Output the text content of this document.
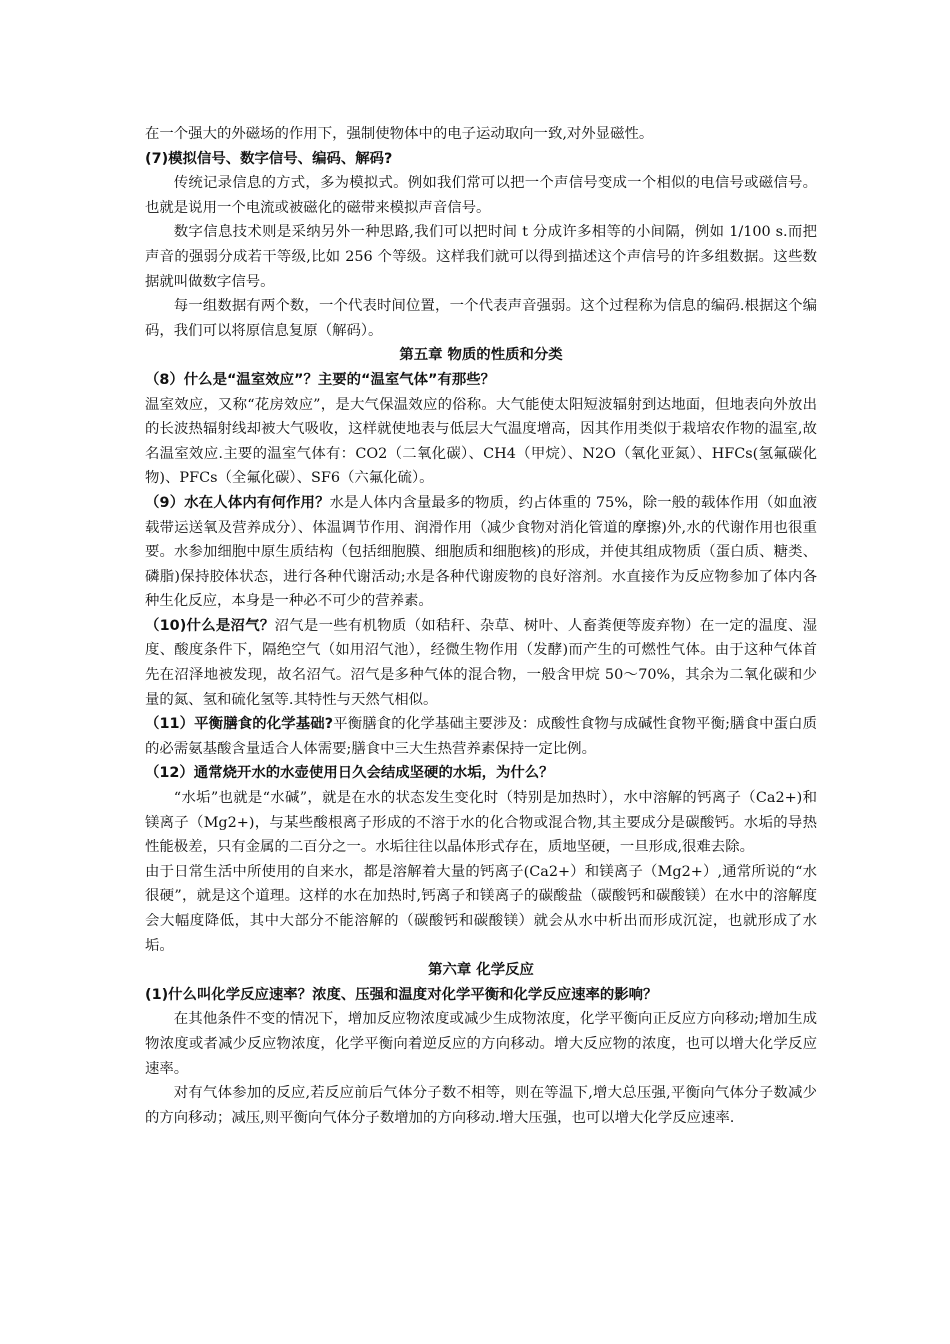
在一个强大的外磁场的作用下，强制使物体中的电子运动取向一致,对外显磁性。

(7)模拟信号、数字信号、编码、解码?

传统记录信息的方式，多为模拟式。例如我们常可以把一个声信号变成一个相似的电信号或磁信号。也就是说用一个电流或被磁化的磁带来模拟声音信号。

数字信息技术则是采纳另外一种思路,我们可以把时间 t 分成许多相等的小间隔，例如 1/100 s.而把声音的强弱分成若干等级,比如 256 个等级。这样我们就可以得到描述这个声信号的许多组数据。这些数据就叫做数字信号。

每一组数据有两个数，一个代表时间位置，一个代表声音强弱。这个过程称为信息的编码.根据这个编码，我们可以将原信息复原（解码）。

第五章 物质的性质和分类

（8）什么是“温室效应”？主要的“温室气体”有那些？

温室效应，又称“花房效应”，是大气保温效应的俗称。大气能使太阳短波辐射到达地面，但地表向外放出的长波热辐射线却被大气吸收，这样就使地表与低层大气温度增高，因其作用类似于栽培农作物的温室,故名温室效应.主要的温室气体有：CO2（二氧化碳）、CH4（甲烷）、N2O（氧化亚氮）、HFCs(氢氟碳化物)、PFCs（全氟化碳）、SF6（六氟化硫）。

（9）水在人体内有何作用？水是人体内含量最多的物质，约占体重的 75%，除一般的载体作用（如血液载带运送氧及营养成分）、体温调节作用、润滑作用（减少食物对消化管道的摩擦)外,水的代谢作用也很重要。水参加细胞中原生质结构（包括细胞膜、细胞质和细胞核)的形成，并使其组成物质（蛋白质、糖类、磷脂)保持胶体状态，进行各种代谢活动;水是各种代谢废物的良好溶剂。水直接作为反应物参加了体内各种生化反应，本身是一种必不可少的营养素。

（10)什么是沼气？沼气是一些有机物质（如秸秆、杂草、树叶、人畜粪便等废弃物）在一定的温度、湿度、酸度条件下，隔绝空气（如用沼气池），经微生物作用（发酵)而产生的可燃性气体。由于这种气体首先在沼泽地被发现，故名沼气。沼气是多种气体的混合物，一般含甲烷 50～70%，其余为二氧化碳和少量的氮、氢和硫化氢等.其特性与天然气相似。

（11）平衡膳食的化学基础?平衡膳食的化学基础主要涉及：成酸性食物与成碱性食物平衡;膳食中蛋白质的必需氨基酸含量适合人体需要;膳食中三大生热营养素保持一定比例。

（12）通常烧开水的水壶使用日久会结成坚硬的水垢，为什么？

“水垢”也就是“水碱”，就是在水的状态发生变化时（特别是加热时），水中溶解的钙离子（Ca2+)和镁离子（Mg2+)，与某些酸根离子形成的不溶于水的化合物或混合物,其主要成分是碳酸钙。水垢的导热性能极差，只有金属的二百分之一。水垢往往以晶体形式存在，质地坚硬，一旦形成,很难去除。

由于日常生活中所使用的自来水，都是溶解着大量的钙离子(Ca2+）和镁离子（Mg2+）,通常所说的“水很硬”，就是这个道理。这样的水在加热时,钙离子和镁离子的碳酸盐（碳酸钙和碳酸镁）在水中的溶解度会大幅度降低，其中大部分不能溶解的（碳酸钙和碳酸镁）就会从水中析出而形成沉淀，也就形成了水垢。

第六章 化学反应

(1)什么叫化学反应速率？浓度、压强和温度对化学平衡和化学反应速率的影响？

在其他条件不变的情况下，增加反应物浓度或减少生成物浓度，化学平衡向正反应方向移动;增加生成物浓度或者减少反应物浓度，化学平衡向着逆反应的方向移动。增大反应物的浓度，也可以增大化学反应速率。

对有气体参加的反应,若反应前后气体分子数不相等，则在等温下,增大总压强,平衡向气体分子数减少的方向移动；减压,则平衡向气体分子数增加的方向移动.增大压强，也可以增大化学反应速率.
